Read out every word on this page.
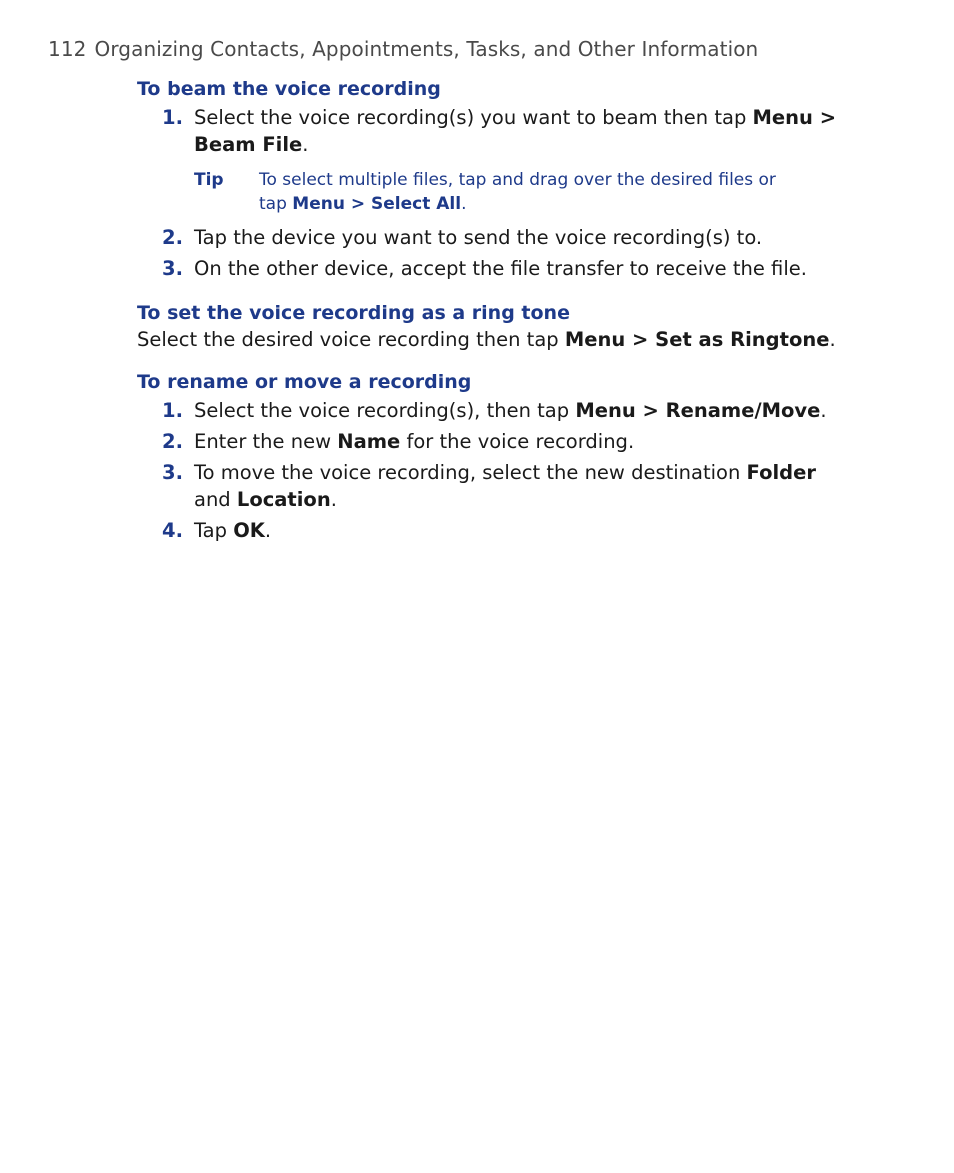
112 Organizing Contacts, Appointments, Tasks, and Other Information
To beam the voice recording
1. Select the voice recording(s) you want to beam then tap Menu > Beam File.
Tip	To select multiple files, tap and drag over the desired files or tap Menu > Select All.
2. Tap the device you want to send the voice recording(s) to.
3. On the other device, accept the file transfer to receive the file.
To set the voice recording as a ring tone

Select the desired voice recording then tap Menu > Set as Ringtone.

To rename or move a recording
1. Select the voice recording(s), then tap Menu > Rename/Move.
2. Enter the new Name for the voice recording.
3. To move the voice recording, select the new destination Folder and Location.
4. Tap OK.
